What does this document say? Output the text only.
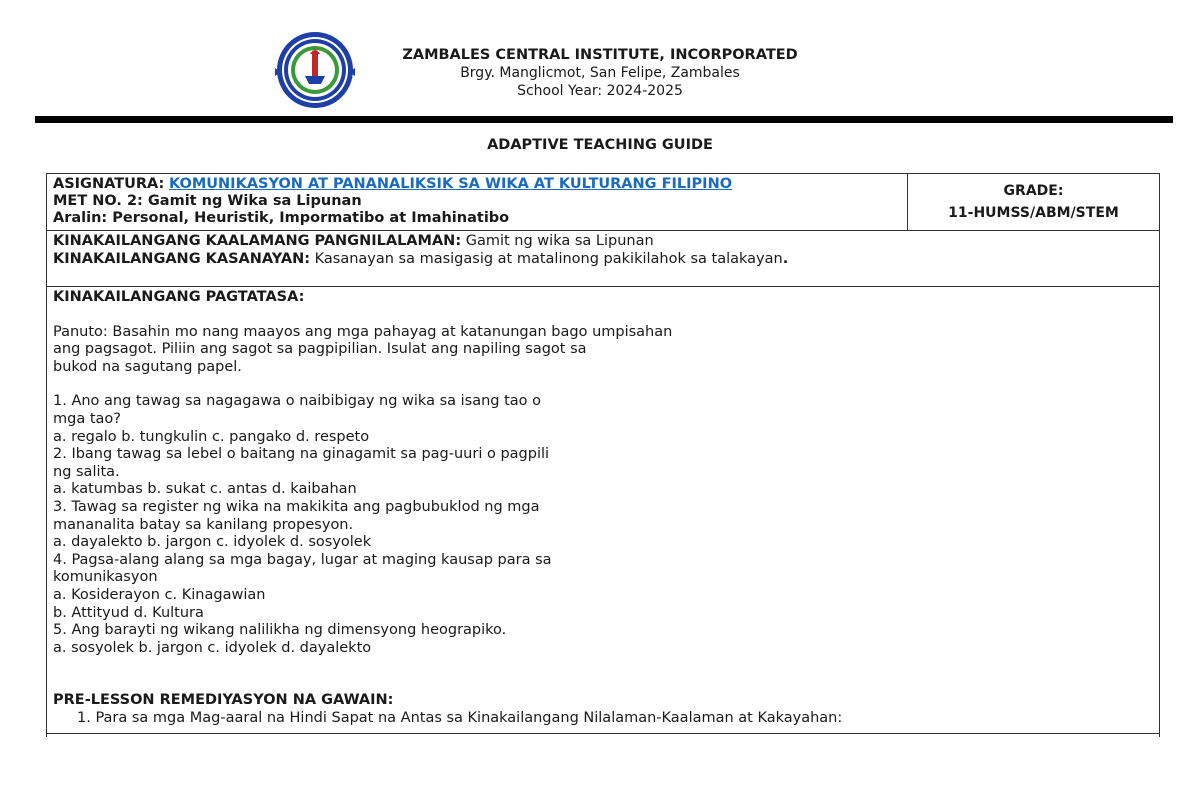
ZAMBALES CENTRAL INSTITUTE, INCORPORATED
Brgy. Manglicmot, San Felipe, Zambales
School Year: 2024-2025
ADAPTIVE TEACHING GUIDE
ASIGNATURA: KOMUNIKASYON AT PANANALIKSIK SA WIKA AT KULTURANG FILIPINO
MET NO. 2: Gamit ng Wika sa Lipunan
Aralin: Personal, Heuristik, Impormatibo at Imahinatibo
GRADE:
11-HUMSS/ABM/STEM
KINAKAILANGANG KAALAMANG PANGNILALAMAN: Gamit ng wika sa Lipunan
KINAKAILANGANG KASANAYAN: Kasanayan sa masigasig at matalinong pakikilahok sa talakayan.

KINAKAILANGANG PAGTATASA:

Panuto: Basahin mo nang maayos ang mga pahayag at katanungan bago umpisahan

ang pagsagot. Piliin ang sagot sa pagpipilian. Isulat ang napiling sagot sa

bukod na sagutang papel.

1. Ano ang tawag sa nagagawa o naibibigay ng wika sa isang tao o

mga tao?

a. regalo b. tungkulin c. pangako d. respeto

2. Ibang tawag sa lebel o baitang na ginagamit sa pag-uuri o pagpili

ng salita.

a. katumbas b. sukat c. antas d. kaibahan

3. Tawag sa register ng wika na makikita ang pagbubuklod ng mga

mananalita batay sa kanilang propesyon.

a. dayalekto b. jargon c. idyolek d. sosyolek

4. Pagsa-alang alang sa mga bagay, lugar at maging kausap para sa

komunikasyon

a. Kosiderayon c. Kinagawian

b. Attityud d. Kultura

5. Ang barayti ng wikang nalilikha ng dimensyong heograpiko.

a. sosyolek b. jargon c. idyolek d. dayalekto

PRE-LESSON REMEDIYASYON NA GAWAIN:

1. Para sa mga Mag-aaral na Hindi Sapat na Antas sa Kinakailangang Nilalaman-Kaalaman at Kakayahan:
